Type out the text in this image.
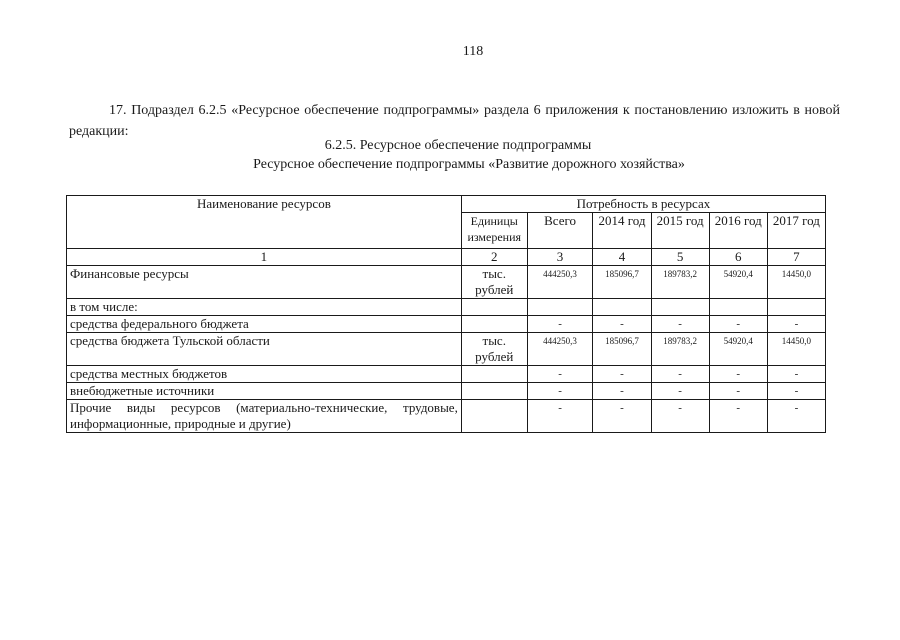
118

17. Подраздел 6.2.5 «Ресурсное обеспечение подпрограммы» раздела 6 приложения к постановлению изложить в новой редакции:

6.2.5. Ресурсное обеспечение подпрограммы
Ресурсное обеспечение подпрограммы «Развитие дорожного хозяйства»
Наименование ресурсов	Потребность в ресурсах					
	Единицы измерения	Всего	2014 год	2015 год	2016 год	2017 год
1	2	3	4	5	6	7
Финансовые ресурсы	тыс. рублей	444250,3	185096,7	189783,2	54920,4	14450,0
в том числе:						
средства федерального бюджета		-	-	-	-	-
средства бюджета Тульской области	тыс. рублей	444250,3	185096,7	189783,2	54920,4	14450,0
средства местных бюджетов		-	-	-	-	-
внебюджетные источники		-	-	-	-	-
Прочие виды ресурсов (материально-технические, трудовые, информационные, природные и другие)		-	-	-	-	-
